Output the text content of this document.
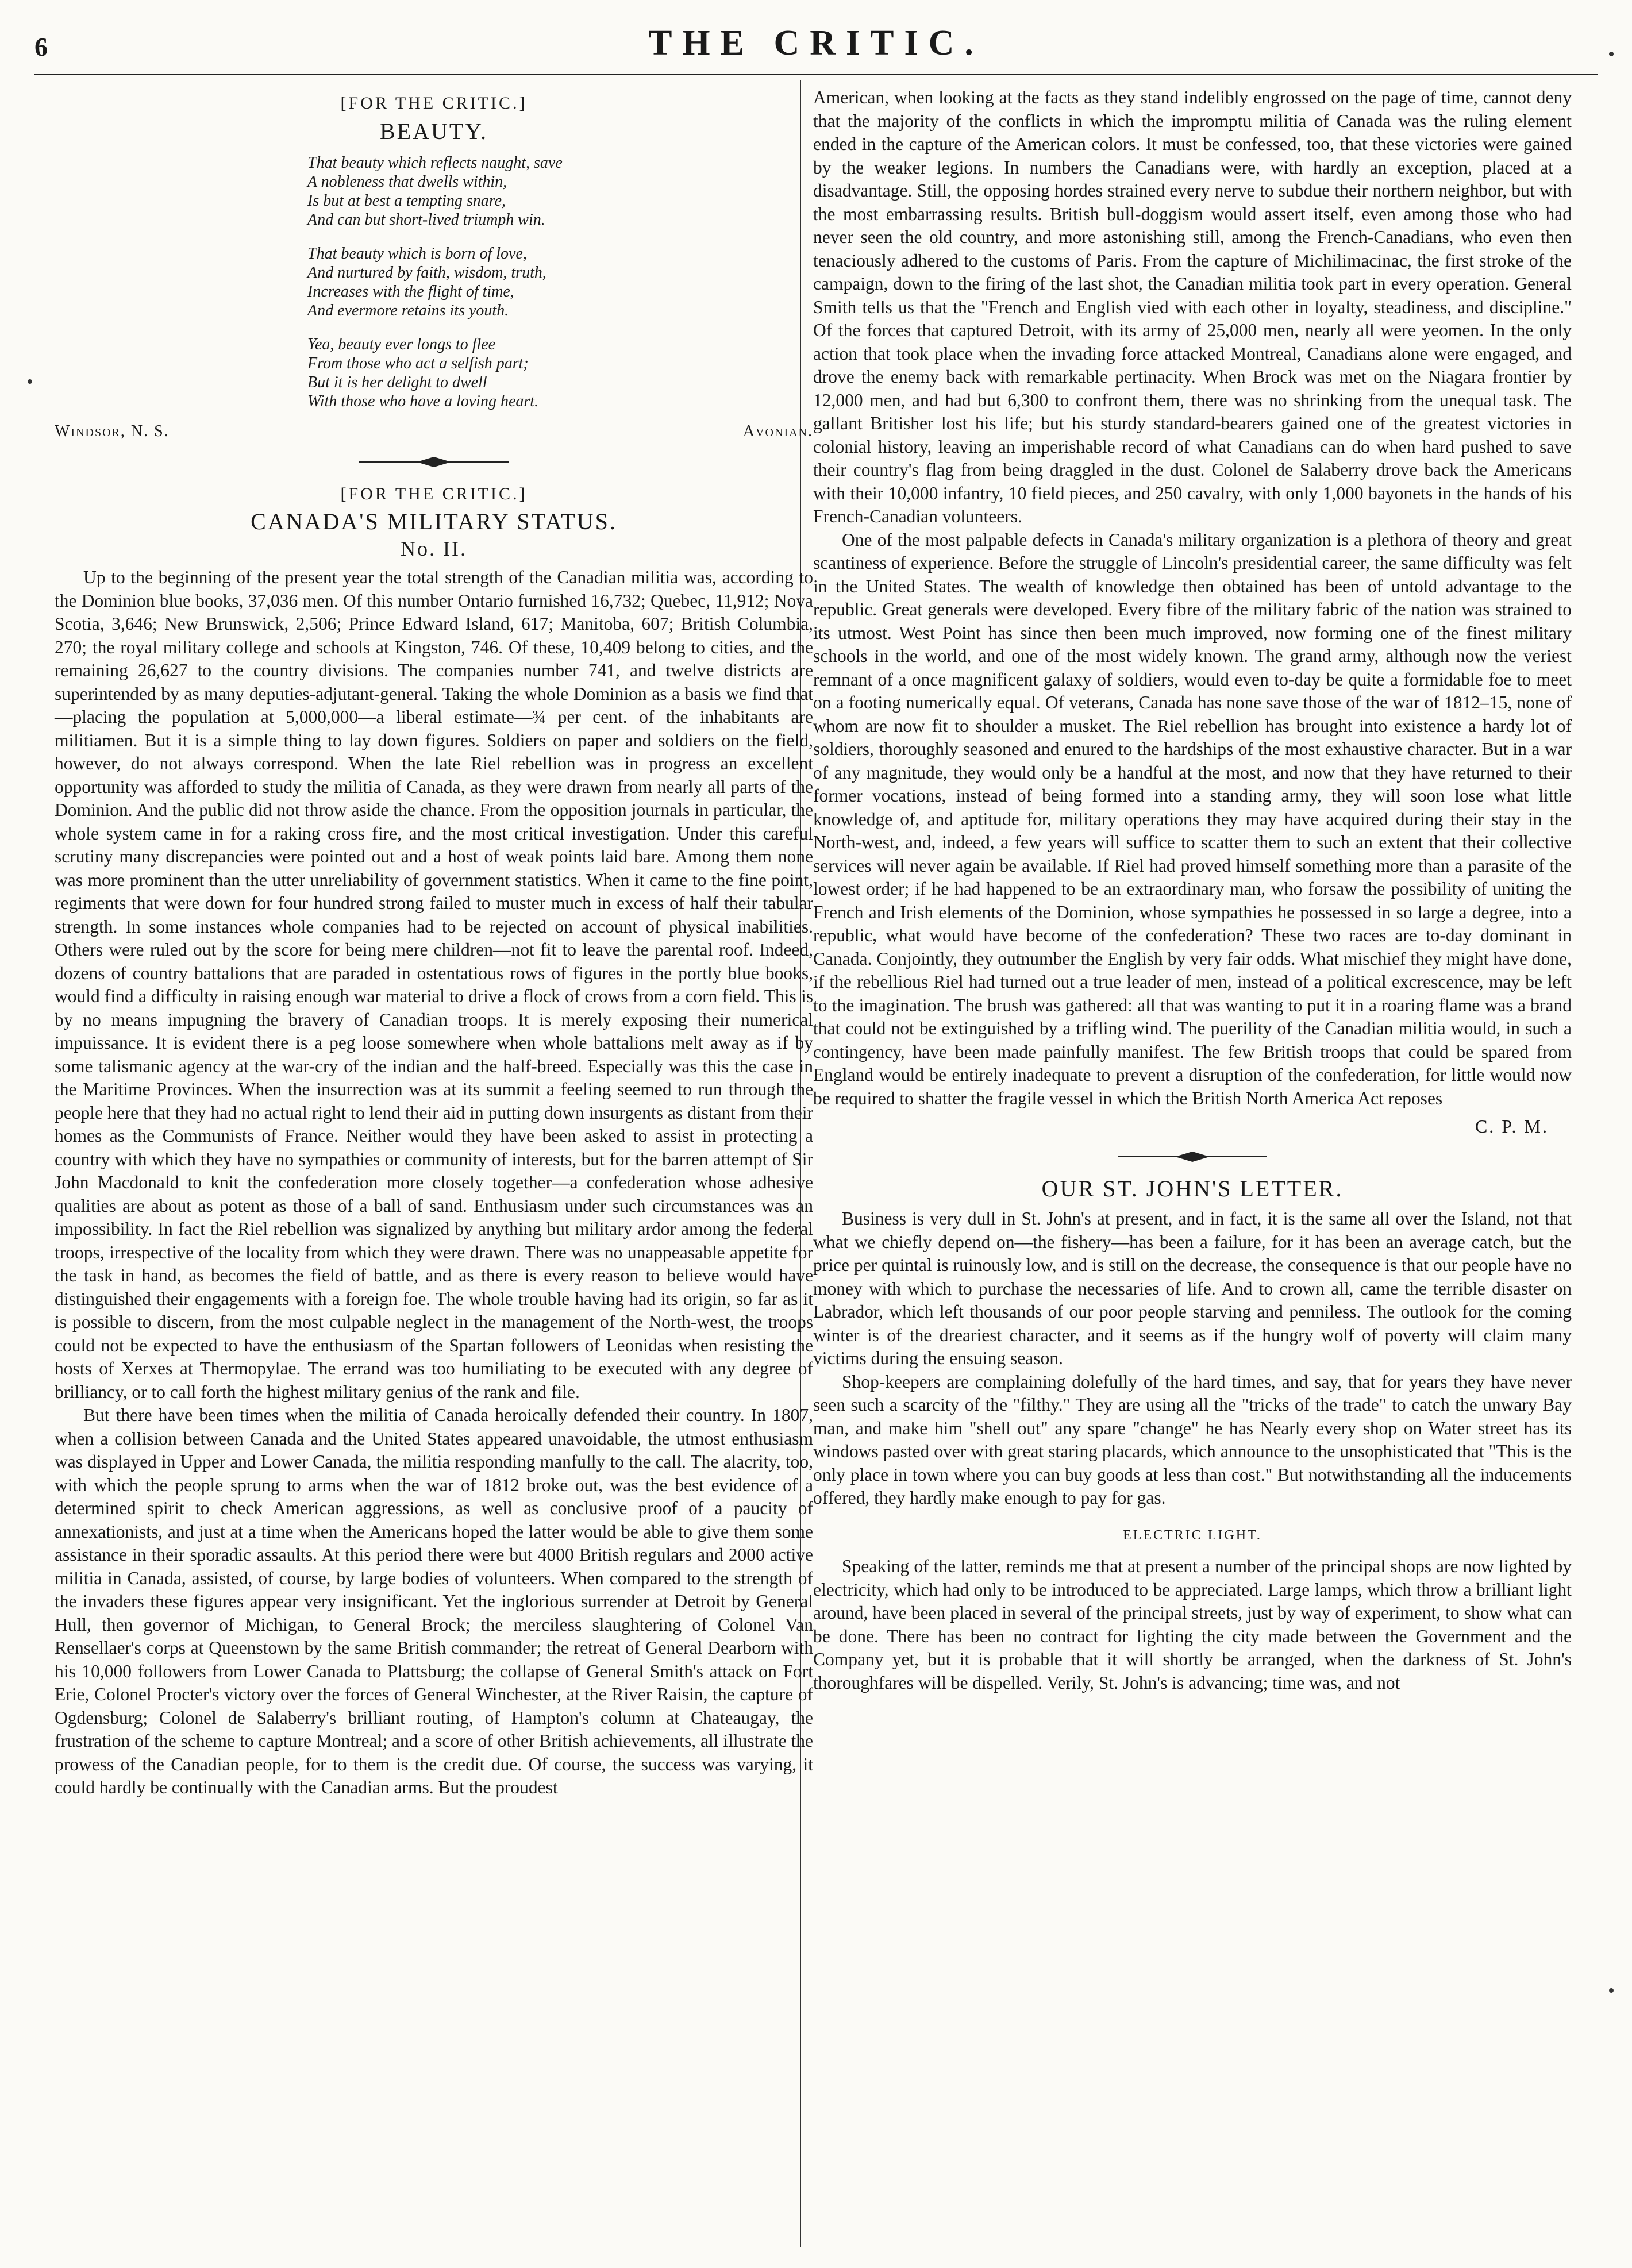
6	THE CRITIC.
[FOR THE CRITIC.]
BEAUTY.

That beauty which reflects naught, save
A nobleness that dwells within,
Is but at best a tempting snare,
And can but short-lived triumph win.

That beauty which is born of love,
And nurtured by faith, wisdom, truth,
Increases with the flight of time,
And evermore retains its youth.

Yea, beauty ever longs to flee
From those who act a selfish part;
But it is her delight to dwell
With those who have a loving heart.

Windsor, N. S.	Avonian.
[FOR THE CRITIC.]
CANADA'S MILITARY STATUS.
No. II.

Up to the beginning of the present year the total strength of the Canadian militia was, according to the Dominion blue books, 37,036 men. Of this number Ontario furnished 16,732; Quebec, 11,912; Nova Scotia, 3,646; New Brunswick, 2,506; Prince Edward Island, 617; Manitoba, 607; British Columbia, 270; the royal military college and schools at Kingston, 746. Of these, 10,409 belong to cities, and the remaining 26,627 to the country divisions. The companies number 741, and twelve districts are superintended by as many deputies-adjutant-general. Taking the whole Dominion as a basis we find that—placing the population at 5,000,000—a liberal estimate—¾ per cent. of the inhabitants are militiamen. But it is a simple thing to lay down figures. Soldiers on paper and soldiers on the field, however, do not always correspond. When the late Riel rebellion was in progress an excellent opportunity was afforded to study the militia of Canada, as they were drawn from nearly all parts of the Dominion. And the public did not throw aside the chance. From the opposition journals in particular, the whole system came in for a raking cross fire, and the most critical investigation. Under this careful scrutiny many discrepancies were pointed out and a host of weak points laid bare. Among them none was more prominent than the utter unreliability of government statistics. When it came to the fine point, regiments that were down for four hundred strong failed to muster much in excess of half their tabular strength. In some instances whole companies had to be rejected on account of physical inabilities. Others were ruled out by the score for being mere children—not fit to leave the parental roof. Indeed, dozens of country battalions that are paraded in ostentatious rows of figures in the portly blue books, would find a difficulty in raising enough war material to drive a flock of crows from a corn field. This is by no means impugning the bravery of Canadian troops. It is merely exposing their numerical impuissance. It is evident there is a peg loose somewhere when whole battalions melt away as if by some talismanic agency at the war-cry of the indian and the half-breed. Especially was this the case in the Maritime Provinces. When the insurrection was at its summit a feeling seemed to run through the people here that they had no actual right to lend their aid in putting down insurgents as distant from their homes as the Communists of France. Neither would they have been asked to assist in protecting a country with which they have no sympathies or community of interests, but for the barren attempt of Sir John Macdonald to knit the confederation more closely together—a confederation whose adhesive qualities are about as potent as those of a ball of sand. Enthusiasm under such circumstances was an impossibility. In fact the Riel rebellion was signalized by anything but military ardor among the federal troops, irrespective of the locality from which they were drawn. There was no unappeasable appetite for the task in hand, as becomes the field of battle, and as there is every reason to believe would have distinguished their engagements with a foreign foe. The whole trouble having had its origin, so far as it is possible to discern, from the most culpable neglect in the management of the North-west, the troops could not be expected to have the enthusiasm of the Spartan followers of Leonidas when resisting the hosts of Xerxes at Thermopylae. The errand was too humiliating to be executed with any degree of brilliancy, or to call forth the highest military genius of the rank and file.

But there have been times when the militia of Canada heroically defended their country. In 1807, when a collision between Canada and the United States appeared unavoidable, the utmost enthusiasm was displayed in Upper and Lower Canada, the militia responding manfully to the call. The alacrity, too, with which the people sprung to arms when the war of 1812 broke out, was the best evidence of a determined spirit to check American aggressions, as well as conclusive proof of a paucity of annexationists, and just at a time when the Americans hoped the latter would be able to give them some assistance in their sporadic assaults. At this period there were but 4000 British regulars and 2000 active militia in Canada, assisted, of course, by large bodies of volunteers. When compared to the strength of the invaders these figures appear very insignificant. Yet the inglorious surrender at Detroit by General Hull, then governor of Michigan, to General Brock; the merciless slaughtering of Colonel Van Rensellaer's corps at Queenstown by the same British commander; the retreat of General Dearborn with his 10,000 followers from Lower Canada to Plattsburg; the collapse of General Smith's attack on Fort Erie, Colonel Procter's victory over the forces of General Winchester, at the River Raisin, the capture of Ogdensburg; Colonel de Salaberry's brilliant routing, of Hampton's column at Chateaugay, the frustration of the scheme to capture Montreal; and a score of other British achievements, all illustrate the prowess of the Canadian people, for to them is the credit due. Of course, the success was varying, it could hardly be continually with the Canadian arms. But the proudest

American, when looking at the facts as they stand indelibly engrossed on the page of time, cannot deny that the majority of the conflicts in which the impromptu militia of Canada was the ruling element ended in the capture of the American colors. It must be confessed, too, that these victories were gained by the weaker legions. In numbers the Canadians were, with hardly an exception, placed at a disadvantage. Still, the opposing hordes strained every nerve to subdue their northern neighbor, but with the most embarrassing results. British bull-doggism would assert itself, even among those who had never seen the old country, and more astonishing still, among the French-Canadians, who even then tenaciously adhered to the customs of Paris. From the capture of Michilimacinac, the first stroke of the campaign, down to the firing of the last shot, the Canadian militia took part in every operation. General Smith tells us that the "French and English vied with each other in loyalty, steadiness, and discipline." Of the forces that captured Detroit, with its army of 25,000 men, nearly all were yeomen. In the only action that took place when the invading force attacked Montreal, Canadians alone were engaged, and drove the enemy back with remarkable pertinacity. When Brock was met on the Niagara frontier by 12,000 men, and had but 6,300 to confront them, there was no shrinking from the unequal task. The gallant Britisher lost his life; but his sturdy standard-bearers gained one of the greatest victories in colonial history, leaving an imperishable record of what Canadians can do when hard pushed to save their country's flag from being draggled in the dust. Colonel de Salaberry drove back the Americans with their 10,000 infantry, 10 field pieces, and 250 cavalry, with only 1,000 bayonets in the hands of his French-Canadian volunteers.

One of the most palpable defects in Canada's military organization is a plethora of theory and great scantiness of experience. Before the struggle of Lincoln's presidential career, the same difficulty was felt in the United States. The wealth of knowledge then obtained has been of untold advantage to the republic. Great generals were developed. Every fibre of the military fabric of the nation was strained to its utmost. West Point has since then been much improved, now forming one of the finest military schools in the world, and one of the most widely known. The grand army, although now the veriest remnant of a once magnificent galaxy of soldiers, would even to-day be quite a formidable foe to meet on a footing numerically equal. Of veterans, Canada has none save those of the war of 1812–15, none of whom are now fit to shoulder a musket. The Riel rebellion has brought into existence a hardy lot of soldiers, thoroughly seasoned and enured to the hardships of the most exhaustive character. But in a war of any magnitude, they would only be a handful at the most, and now that they have returned to their former vocations, instead of being formed into a standing army, they will soon lose what little knowledge of, and aptitude for, military operations they may have acquired during their stay in the North-west, and, indeed, a few years will suffice to scatter them to such an extent that their collective services will never again be available. If Riel had proved himself something more than a parasite of the lowest order; if he had happened to be an extraordinary man, who forsaw the possibility of uniting the French and Irish elements of the Dominion, whose sympathies he possessed in so large a degree, into a republic, what would have become of the confederation? These two races are to-day dominant in Canada. Conjointly, they outnumber the English by very fair odds. What mischief they might have done, if the rebellious Riel had turned out a true leader of men, instead of a political excrescence, may be left to the imagination. The brush was gathered: all that was wanting to put it in a roaring flame was a brand that could not be extinguished by a trifling wind. The puerility of the Canadian militia would, in such a contingency, have been made painfully manifest. The few British troops that could be spared from England would be entirely inadequate to prevent a disruption of the confederation, for little would now be required to shatter the fragile vessel in which the British North America Act reposes

C. P. M.
OUR ST. JOHN'S LETTER.

Business is very dull in St. John's at present, and in fact, it is the same all over the Island, not that what we chiefly depend on—the fishery—has been a failure, for it has been an average catch, but the price per quintal is ruinously low, and is still on the decrease, the consequence is that our people have no money with which to purchase the necessaries of life. And to crown all, came the terrible disaster on Labrador, which left thousands of our poor people starving and penniless. The outlook for the coming winter is of the dreariest character, and it seems as if the hungry wolf of poverty will claim many victims during the ensuing season.

Shop-keepers are complaining dolefully of the hard times, and say, that for years they have never seen such a scarcity of the "filthy." They are using all the "tricks of the trade" to catch the unwary Bay man, and make him "shell out" any spare "change" he has Nearly every shop on Water street has its windows pasted over with great staring placards, which announce to the unsophisticated that "This is the only place in town where you can buy goods at less than cost." But notwithstanding all the inducements offered, they hardly make enough to pay for gas.

ELECTRIC LIGHT.

Speaking of the latter, reminds me that at present a number of the principal shops are now lighted by electricity, which had only to be introduced to be appreciated. Large lamps, which throw a brilliant light around, have been placed in several of the principal streets, just by way of experiment, to show what can be done. There has been no contract for lighting the city made between the Government and the Company yet, but it is probable that it will shortly be arranged, when the darkness of St. John's thoroughfares will be dispelled. Verily, St. John's is advancing; time was, and not
